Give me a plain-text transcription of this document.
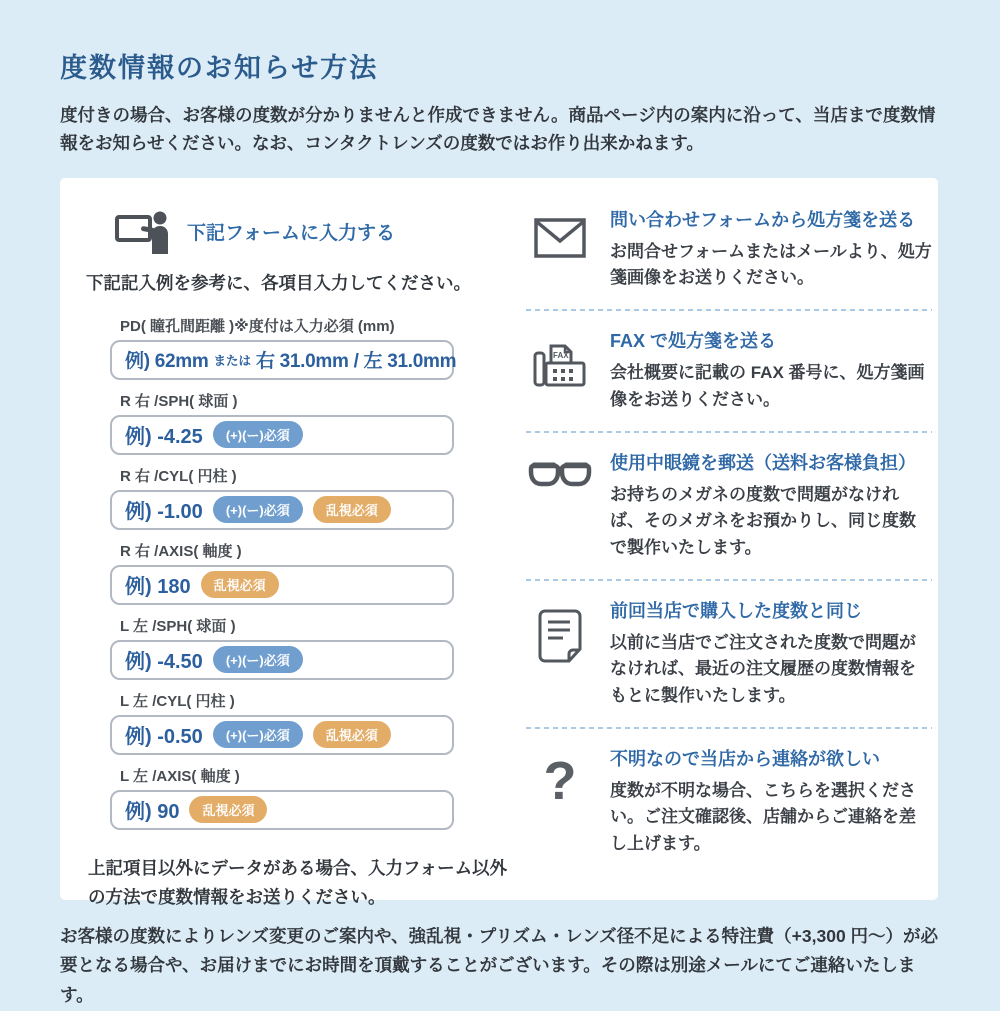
度数情報のお知らせ方法

度付きの場合、お客様の度数が分かりませんと作成できません。商品ページ内の案内に沿って、当店まで度数情報をお知らせください。なお、コンタクトレンズの度数ではお作り出来かねます。

下記フォームに入力する

下記記入例を参考に、各項目入力してください。

PD( 瞳孔間距離 )※度付は入力必須 (mm)
例) 62mm または 右 31.0mm / 左 31.0mm
R 右 /SPH( 球面 )
例) -4.25	(+)(ー)必須
R 右 /CYL( 円柱 )
例) -1.00	(+)(ー)必須	乱視必須
R 右 /AXIS( 軸度 )
例) 180	乱視必須
L 左 /SPH( 球面 )
例) -4.50	(+)(ー)必須
L 左 /CYL( 円柱 )
例) -0.50	(+)(ー)必須	乱視必須
L 左 /AXIS( 軸度 )
例) 90	乱視必須

上記項目以外にデータがある場合、入力フォーム以外の方法で度数情報をお送りください。

問い合わせフォームから処方箋を送る

お問合せフォームまたはメールより、処方箋画像をお送りください。

FAX

FAX で処方箋を送る

会社概要に記載の FAX 番号に、処方箋画像をお送りください。

使用中眼鏡を郵送（送料お客様負担）

お持ちのメガネの度数で問題がなければ、そのメガネをお預かりし、同じ度数で製作いたします。

前回当店で購入した度数と同じ

以前に当店でご注文された度数で問題がなければ、最近の注文履歴の度数情報をもとに製作いたします。

? 不明なので当店から連絡が欲しい

度数が不明な場合、こちらを選択ください。ご注文確認後、店舗からご連絡を差し上げます。

お客様の度数によりレンズ変更のご案内や、強乱視・プリズム・レンズ径不足による特注費（+3,300 円〜）が必要となる場合や、お届けまでにお時間を頂戴することがございます。その際は別途メールにてご連絡いたします。
